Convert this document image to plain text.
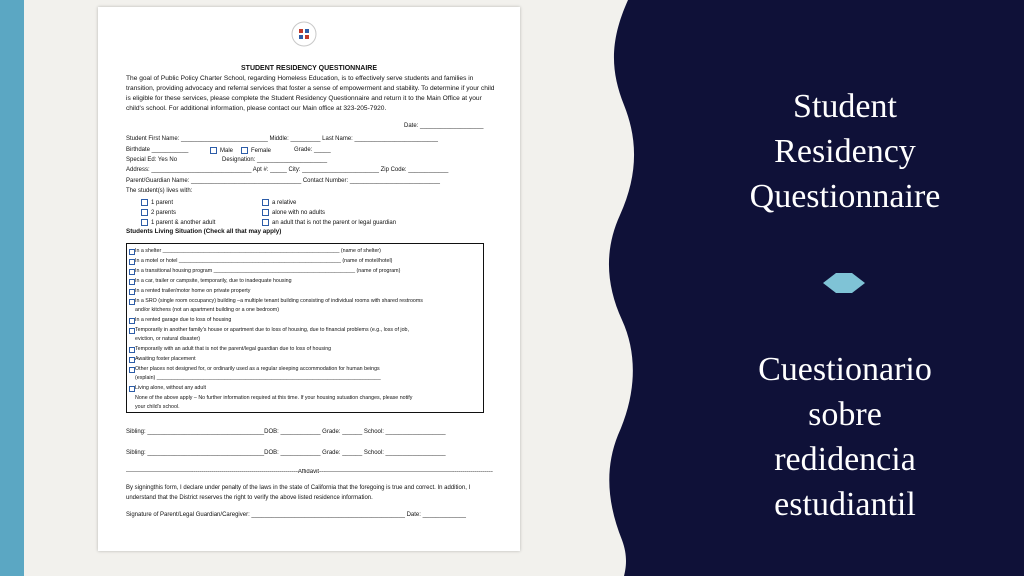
Student
Residency
Questionnaire
Cuestionario
sobre
redidencia
estudiantil
STUDENT RESIDENCY QUESTIONNAIRE
The goal of Public Policy Charter School, regarding Homeless Education, is to effectively serve students and families in transition, providing advocacy and referral services that foster a sense of empowerment and stability. To determine if your child is eligible for these services, please complete the Student Residency Questionnaire and return it to the Main Office at your child's school. For additional information, please contact our Main office at 323-205-7920.
Date: ___________________
Student First Name: __________________________ Middle: _________ Last Name: _________________________
Birthdate ___________	Male	Female	Grade: _____
Special Ed: Yes No	Designation: _____________________
Address: ______________________________ Apt #: _____ City: _______________________ Zip Code: ____________
Parent/Guardian Name: _________________________________ Contact Number: ___________________________
The student(s) lives with:
1 parent	a relative
2 parents	alone with no adults
1 parent & another adult	an adult that is not the parent or legal guardian
Students Living Situation (Check all that may apply)
In a shelter ____________________________________________________________ (name of shelter)
In a motel or hotel _______________________________________________________ (name of motel/hotel)
In a transitional housing program ________________________________________________ (name of program)
In a car, trailer or campsite, temporarily, due to inadequate housing
In a rented trailer/motor home on private property
In a SRO (single room occupancy) building –a multiple tenant building consisting of individual rooms with shared restrooms
and/or kitchens (not an apartment building or a one bedroom)
In a rented garage due to loss of housing
Temporarily in another family's house or apartment due to loss of housing, due to financial problems (e.g., loss of job,
eviction, or natural disaster)
Temporarily with an adult that is not the parent/legal guardian due to loss of housing
Awaiting foster placement
Other places not designed for, or ordinarily used as a regular sleeping accommodation for human beings
(explain) ____________________________________________________________________________
Living alone, without any adult
None of the above apply – No further information required at this time. If your housing sutuation changes, please notify
your child's school.
Sibling: ___________________________________DOB: ____________ Grade: ______ School: __________________
Sibling: ___________________________________DOB: ____________ Grade: ______ School: __________________
--------------------------------------------------------------------------------------Affidavit---------------------------------------------------------------------------------------
By signingthis form, I declare under penalty of the laws in the state of California that the foregoing is true and correct. In addition, I understand that the District reserves the right to verify the above listed residence information.
Signature of Parent/Legal Guardian/Caregiver: ______________________________________________ Date: _____________
